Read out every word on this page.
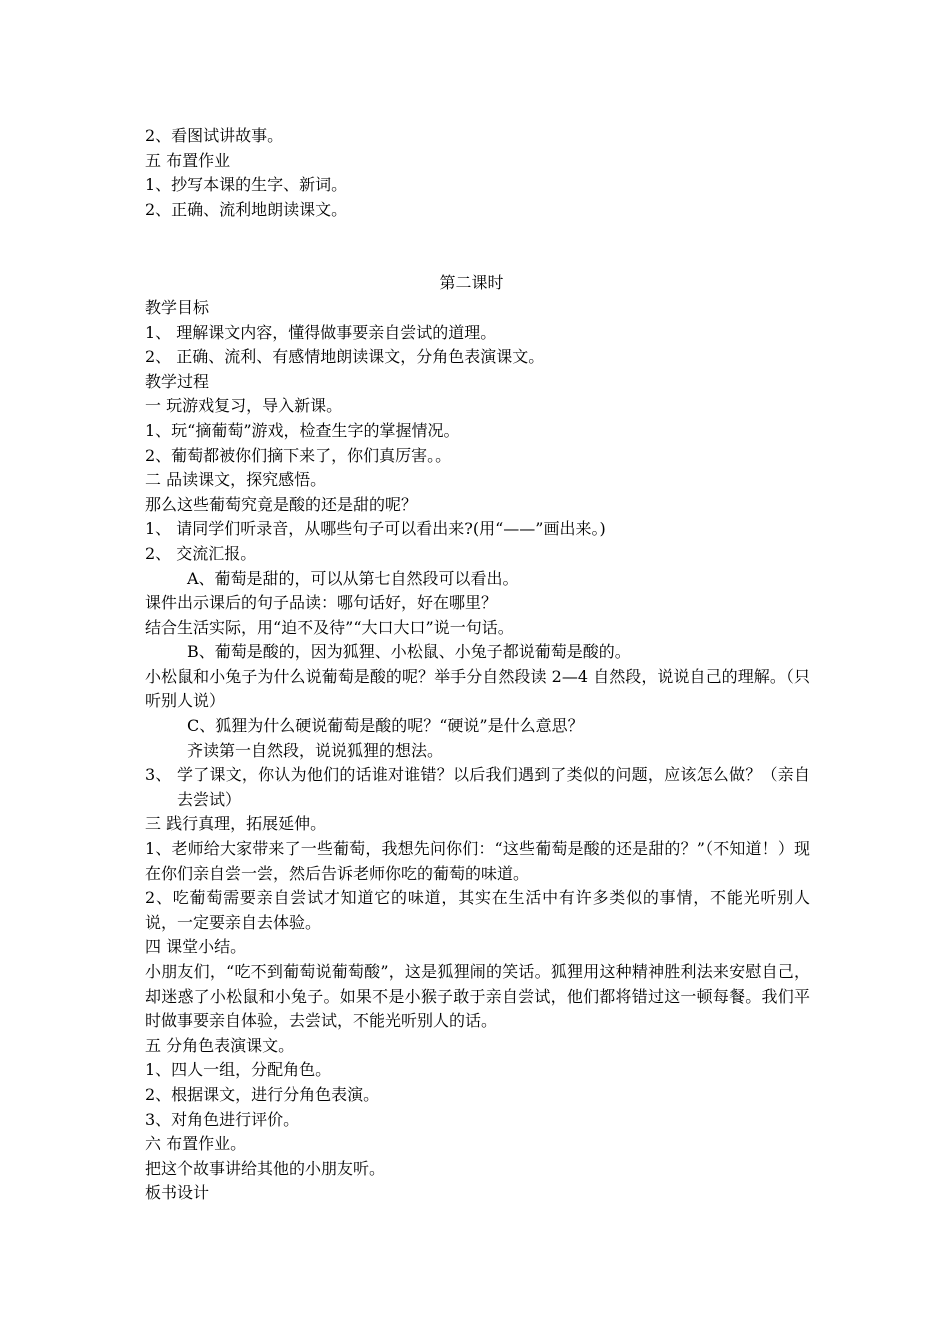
2、看图试讲故事。

五 布置作业

1、抄写本课的生字、新词。

2、正确、流利地朗读课文。

第二课时

教学目标

1、 理解课文内容，懂得做事要亲自尝试的道理。

2、 正确、流利、有感情地朗读课文，分角色表演课文。

教学过程

一 玩游戏复习，导入新课。

1、玩“摘葡萄”游戏，检查生字的掌握情况。

2、葡萄都被你们摘下来了，你们真厉害。。

二 品读课文，探究感悟。

那么这些葡萄究竟是酸的还是甜的呢？

1、 请同学们听录音，从哪些句子可以看出来?(用“——”画出来。)

2、 交流汇报。

A、葡萄是甜的，可以从第七自然段可以看出。

课件出示课后的句子品读：哪句话好，好在哪里？

结合生活实际，用“迫不及待”“大口大口”说一句话。

B、葡萄是酸的，因为狐狸、小松鼠、小兔子都说葡萄是酸的。

小松鼠和小兔子为什么说葡萄是酸的呢？举手分自然段读 2—4 自然段，说说自己的理解。（只听别人说）

C、狐狸为什么硬说葡萄是酸的呢？“硬说”是什么意思？

齐读第一自然段，说说狐狸的想法。

3、 学了课文，你认为他们的话谁对谁错？以后我们遇到了类似的问题，应该怎么做？（亲自去尝试）

三 践行真理，拓展延伸。

1、老师给大家带来了一些葡萄，我想先问你们：“这些葡萄是酸的还是甜的？”（不知道！）现在你们亲自尝一尝，然后告诉老师你吃的葡萄的味道。

2、吃葡萄需要亲自尝试才知道它的味道，其实在生活中有许多类似的事情，不能光听别人说，一定要亲自去体验。

四 课堂小结。

小朋友们，“吃不到葡萄说葡萄酸”，这是狐狸闹的笑话。狐狸用这种精神胜利法来安慰自己，却迷惑了小松鼠和小兔子。如果不是小猴子敢于亲自尝试，他们都将错过这一顿每餐。我们平时做事要亲自体验，去尝试，不能光听别人的话。

五 分角色表演课文。

1、四人一组，分配角色。

2、根据课文，进行分角色表演。

3、对角色进行评价。

六 布置作业。

把这个故事讲给其他的小朋友听。

板书设计
